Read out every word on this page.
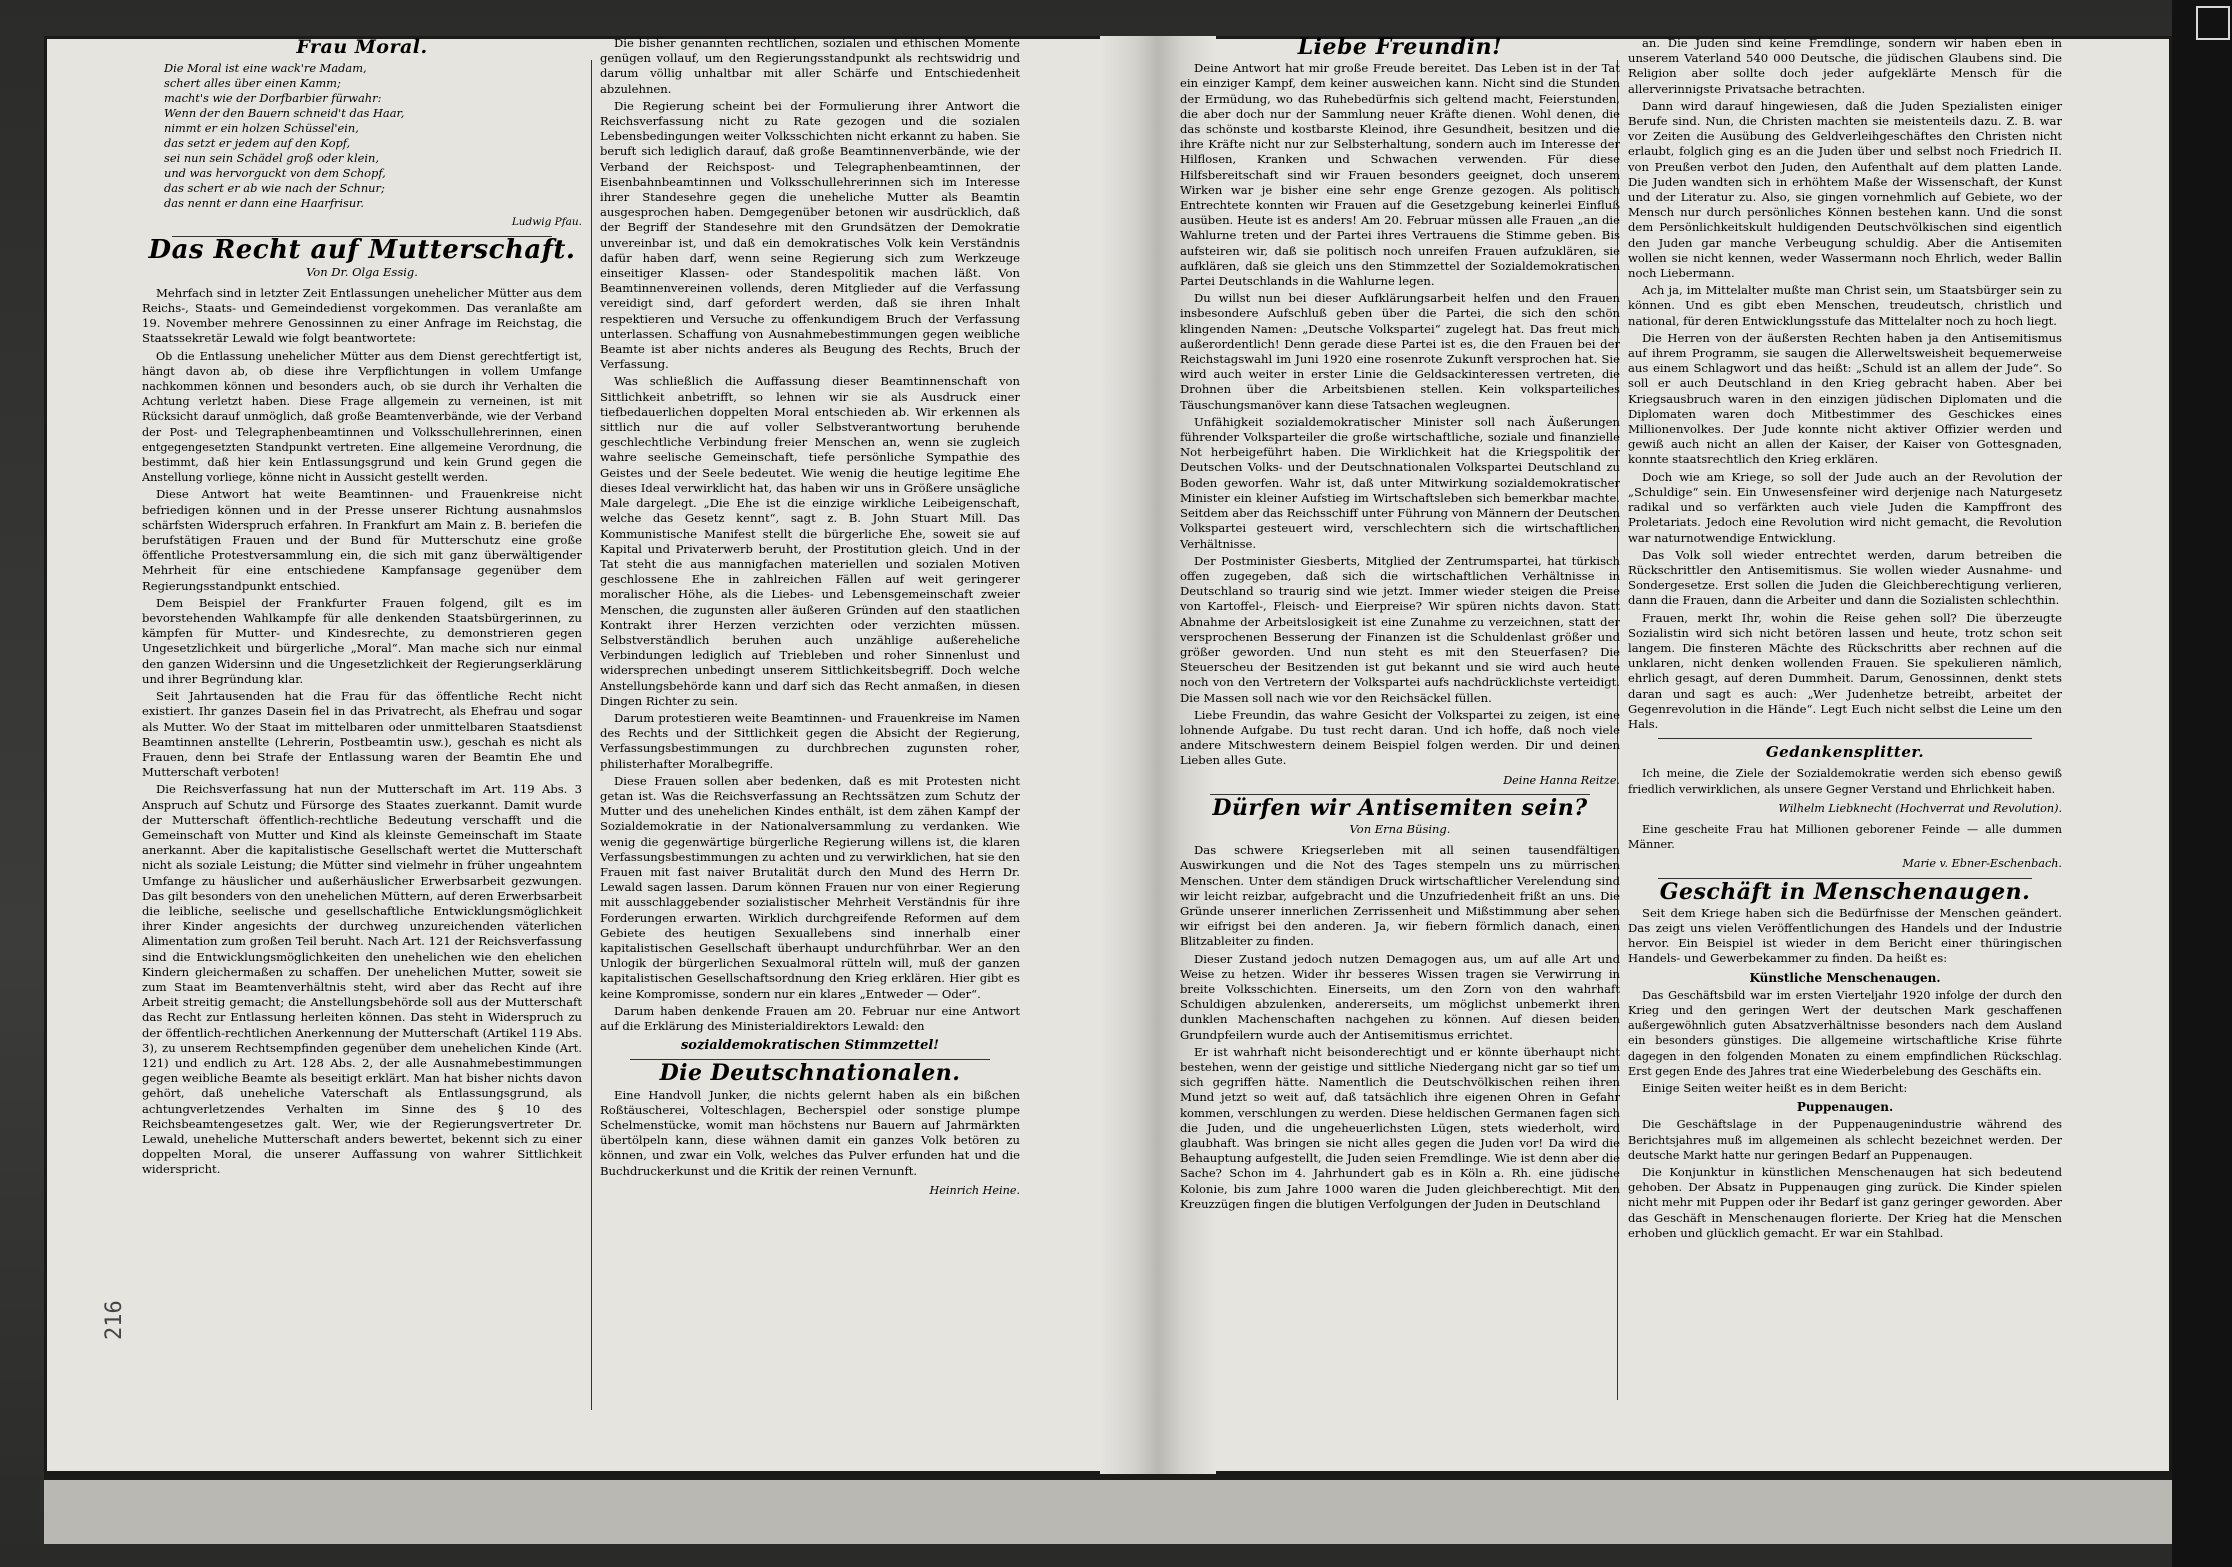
216
Frau Moral.
Die Moral ist eine wack're Madam,
schert alles über einen Kamm;
macht's wie der Dorfbarbier fürwahr:
Wenn der den Bauern schneid't das Haar,
nimmt er ein holzen Schüssel'ein,
das setzt er jedem auf den Kopf,
sei nun sein Schädel groß oder klein,
und was hervorguckt von dem Schopf,
das schert er ab wie nach der Schnur;
das nennt er dann eine Haarfrisur.
Ludwig Pfau.
Das Recht auf Mutterschaft.
Von Dr. Olga Essig.

Mehrfach sind in letzter Zeit Entlassungen unehelicher Mütter aus dem Reichs-, Staats- und Gemeindedienst vorgekommen. Das veranlaßte am 19. November mehrere Genossinnen zu einer Anfrage im Reichstag, die Staatssekretär Lewald wie folgt beantwortete:

Ob die Entlassung unehelicher Mütter aus dem Dienst gerechtfertigt ist, hängt davon ab, ob diese ihre Verpflichtungen in vollem Umfange nachkommen können und besonders auch, ob sie durch ihr Verhalten die Achtung verletzt haben. Diese Frage allgemein zu verneinen, ist mit Rücksicht darauf unmöglich, daß große Beamtenverbände, wie der Verband der Post- und Telegraphenbeamtinnen und Volksschullehrerinnen, einen entgegengesetzten Standpunkt vertreten. Eine allgemeine Verordnung, die bestimmt, daß hier kein Entlassungsgrund und kein Grund gegen die Anstellung vorliege, könne nicht in Aussicht gestellt werden.

Diese Antwort hat weite Beamtinnen- und Frauenkreise nicht befriedigen können und in der Presse unserer Richtung ausnahmslos schärfsten Widerspruch erfahren. In Frankfurt am Main z. B. beriefen die berufstätigen Frauen und der Bund für Mutterschutz eine große öffentliche Protestversammlung ein, die sich mit ganz überwältigender Mehrheit für eine entschiedene Kampfansage gegenüber dem Regierungsstandpunkt entschied.

Dem Beispiel der Frankfurter Frauen folgend, gilt es im bevorstehenden Wahlkampfe für alle denkenden Staatsbürgerinnen, zu kämpfen für Mutter- und Kindesrechte, zu demonstrieren gegen Ungesetzlichkeit und bürgerliche „Moral“. Man mache sich nur einmal den ganzen Widersinn und die Ungesetzlichkeit der Regierungserklärung und ihrer Begründung klar.

Seit Jahrtausenden hat die Frau für das öffentliche Recht nicht existiert. Ihr ganzes Dasein fiel in das Privatrecht, als Ehefrau und sogar als Mutter. Wo der Staat im mittelbaren oder unmittelbaren Staatsdienst Beamtinnen anstellte (Lehrerin, Postbeamtin usw.), geschah es nicht als Frauen, denn bei Strafe der Entlassung waren der Beamtin Ehe und Mutterschaft verboten!

Die Reichsverfassung hat nun der Mutterschaft im Art. 119 Abs. 3 Anspruch auf Schutz und Fürsorge des Staates zuerkannt. Damit wurde der Mutterschaft öffentlich-rechtliche Bedeutung verschafft und die Gemeinschaft von Mutter und Kind als kleinste Gemeinschaft im Staate anerkannt. Aber die kapitalistische Gesellschaft wertet die Mutterschaft nicht als soziale Leistung; die Mütter sind vielmehr in früher ungeahntem Umfange zu häuslicher und außerhäuslicher Erwerbsarbeit gezwungen. Das gilt besonders von den unehelichen Müttern, auf deren Erwerbsarbeit die leibliche, seelische und gesellschaftliche Entwicklungsmöglichkeit ihrer Kinder angesichts der durchweg unzureichenden väterlichen Alimentation zum großen Teil beruht. Nach Art. 121 der Reichsverfassung sind die Entwicklungsmöglichkeiten den unehelichen wie den ehelichen Kindern gleichermaßen zu schaffen. Der unehelichen Mutter, soweit sie zum Staat im Beamtenverhältnis steht, wird aber das Recht auf ihre Arbeit streitig gemacht; die Anstellungsbehörde soll aus der Mutterschaft das Recht zur Entlassung herleiten können. Das steht in Widerspruch zu der öffentlich-rechtlichen Anerkennung der Mutterschaft (Artikel 119 Abs. 3), zu unserem Rechtsempfinden gegenüber dem unehelichen Kinde (Art. 121) und endlich zu Art. 128 Abs. 2, der alle Ausnahmebestimmungen gegen weibliche Beamte als beseitigt erklärt. Man hat bisher nichts davon gehört, daß uneheliche Vaterschaft als Entlassungsgrund, als achtungverletzendes Verhalten im Sinne des § 10 des Reichsbeamtengesetzes galt. Wer, wie der Regierungsvertreter Dr. Lewald, uneheliche Mutterschaft anders bewertet, bekennt sich zu einer doppelten Moral, die unserer Auffassung von wahrer Sittlichkeit widerspricht.

Die bisher genannten rechtlichen, sozialen und ethischen Momente genügen vollauf, um den Regierungsstandpunkt als rechtswidrig und darum völlig unhaltbar mit aller Schärfe und Entschiedenheit abzulehnen.

Die Regierung scheint bei der Formulierung ihrer Antwort die Reichsverfassung nicht zu Rate gezogen und die sozialen Lebensbedingungen weiter Volksschichten nicht erkannt zu haben. Sie beruft sich lediglich darauf, daß große Beamtinnenverbände, wie der Verband der Reichspost- und Telegraphenbeamtinnen, der Eisenbahnbeamtinnen und Volksschullehrerinnen sich im Interesse ihrer Standesehre gegen die uneheliche Mutter als Beamtin ausgesprochen haben. Demgegenüber betonen wir ausdrücklich, daß der Begriff der Standesehre mit den Grundsätzen der Demokratie unvereinbar ist, und daß ein demokratisches Volk kein Verständnis dafür haben darf, wenn seine Regierung sich zum Werkzeuge einseitiger Klassen- oder Standespolitik machen läßt. Von Beamtinnenvereinen vollends, deren Mitglieder auf die Verfassung vereidigt sind, darf gefordert werden, daß sie ihren Inhalt respektieren und Versuche zu offenkundigem Bruch der Verfassung unterlassen. Schaffung von Ausnahmebestimmungen gegen weibliche Beamte ist aber nichts anderes als Beugung des Rechts, Bruch der Verfassung.

Was schließlich die Auffassung dieser Beamtinnenschaft von Sittlichkeit anbetrifft, so lehnen wir sie als Ausdruck einer tiefbedauerlichen doppelten Moral entschieden ab. Wir erkennen als sittlich nur die auf voller Selbstverantwortung beruhende geschlechtliche Verbindung freier Menschen an, wenn sie zugleich wahre seelische Gemeinschaft, tiefe persönliche Sympathie des Geistes und der Seele bedeutet. Wie wenig die heutige legitime Ehe dieses Ideal verwirklicht hat, das haben wir uns in Größere unsägliche Male dargelegt. „Die Ehe ist die einzige wirkliche Leibeigenschaft, welche das Gesetz kennt“, sagt z. B. John Stuart Mill. Das Kommunistische Manifest stellt die bürgerliche Ehe, soweit sie auf Kapital und Privaterwerb beruht, der Prostitution gleich. Und in der Tat steht die aus mannigfachen materiellen und sozialen Motiven geschlossene Ehe in zahlreichen Fällen auf weit geringerer moralischer Höhe, als die Liebes- und Lebensgemeinschaft zweier Menschen, die zugunsten aller äußeren Gründen auf den staatlichen Kontrakt ihrer Herzen verzichten oder verzichten müssen. Selbstverständlich beruhen auch unzählige außereheliche Verbindungen lediglich auf Triebleben und roher Sinnenlust und widersprechen unbedingt unserem Sittlichkeitsbegriff. Doch welche Anstellungsbehörde kann und darf sich das Recht anmaßen, in diesen Dingen Richter zu sein.

Darum protestieren weite Beamtinnen- und Frauenkreise im Namen des Rechts und der Sittlichkeit gegen die Absicht der Regierung, Verfassungsbestimmungen zu durchbrechen zugunsten roher, philisterhafter Moralbegriffe.

Diese Frauen sollen aber bedenken, daß es mit Protesten nicht getan ist. Was die Reichsverfassung an Rechtssätzen zum Schutz der Mutter und des unehelichen Kindes enthält, ist dem zähen Kampf der Sozialdemokratie in der Nationalversammlung zu verdanken. Wie wenig die gegenwärtige bürgerliche Regierung willens ist, die klaren Verfassungsbestimmungen zu achten und zu verwirklichen, hat sie den Frauen mit fast naiver Brutalität durch den Mund des Herrn Dr. Lewald sagen lassen. Darum können Frauen nur von einer Regierung mit ausschlaggebender sozialistischer Mehrheit Verständnis für ihre Forderungen erwarten. Wirklich durchgreifende Reformen auf dem Gebiete des heutigen Sexuallebens sind innerhalb einer kapitalistischen Gesellschaft überhaupt undurchführbar. Wer an den Unlogik der bürgerlichen Sexualmoral rütteln will, muß der ganzen kapitalistischen Gesellschaftsordnung den Krieg erklären. Hier gibt es keine Kompromisse, sondern nur ein klares „Entweder — Oder“.

Darum haben denkende Frauen am 20. Februar nur eine Antwort auf die Erklärung des Ministerialdirektors Lewald: den

sozialdemokratischen Stimmzettel!
Die Deutschnationalen.

Eine Handvoll Junker, die nichts gelernt haben als ein bißchen Roßtäuscherei, Volteschlagen, Becherspiel oder sonstige plumpe Schelmenstücke, womit man höchstens nur Bauern auf Jahrmärkten übertölpeln kann, diese wähnen damit ein ganzes Volk betören zu können, und zwar ein Volk, welches das Pulver erfunden hat und die Buchdruckerkunst und die Kritik der reinen Vernunft.

Heinrich Heine.
Liebe Freundin!

Deine Antwort hat mir große Freude bereitet. Das Leben ist in der Tat ein einziger Kampf, dem keiner ausweichen kann. Nicht sind die Stunden der Ermüdung, wo das Ruhebedürfnis sich geltend macht, Feierstunden, die aber doch nur der Sammlung neuer Kräfte dienen. Wohl denen, die das schönste und kostbarste Kleinod, ihre Gesundheit, besitzen und die ihre Kräfte nicht nur zur Selbsterhaltung, sondern auch im Interesse der Hilflosen, Kranken und Schwachen verwenden. Für diese Hilfsbereitschaft sind wir Frauen besonders geeignet, doch unserem Wirken war je bisher eine sehr enge Grenze gezogen. Als politisch Entrechtete konnten wir Frauen auf die Gesetzgebung keinerlei Einfluß ausüben. Heute ist es anders! Am 20. Februar müssen alle Frauen „an die Wahlurne treten und der Partei ihres Vertrauens die Stimme geben. Bis aufsteiren wir, daß sie politisch noch unreifen Frauen aufzuklären, sie aufklären, daß sie gleich uns den Stimmzettel der Sozialdemokratischen Partei Deutschlands in die Wahlurne legen.

Du willst nun bei dieser Aufklärungsarbeit helfen und den Frauen insbesondere Aufschluß geben über die Partei, die sich den schön klingenden Namen: „Deutsche Volkspartei“ zugelegt hat. Das freut mich außerordentlich! Denn gerade diese Partei ist es, die den Frauen bei der Reichstagswahl im Juni 1920 eine rosenrote Zukunft versprochen hat. Sie wird auch weiter in erster Linie die Geldsackinteressen vertreten, die Drohnen über die Arbeitsbienen stellen. Kein volksparteiliches Täuschungsmanöver kann diese Tatsachen wegleugnen.

Unfähigkeit sozialdemokratischer Minister soll nach Äußerungen führender Volksparteiler die große wirtschaftliche, soziale und finanzielle Not herbeigeführt haben. Die Wirklichkeit hat die Kriegspolitik der Deutschen Volks- und der Deutschnationalen Volkspartei Deutschland zu Boden geworfen. Wahr ist, daß unter Mitwirkung sozialdemokratischer Minister ein kleiner Aufstieg im Wirtschaftsleben sich bemerkbar machte. Seitdem aber das Reichsschiff unter Führung von Männern der Deutschen Volkspartei gesteuert wird, verschlechtern sich die wirtschaftlichen Verhältnisse.

Der Postminister Giesberts, Mitglied der Zentrumspartei, hat türkisch offen zugegeben, daß sich die wirtschaftlichen Verhältnisse in Deutschland so traurig sind wie jetzt. Immer wieder steigen die Preise von Kartoffel-, Fleisch- und Eierpreise? Wir spüren nichts davon. Statt Abnahme der Arbeitslosigkeit ist eine Zunahme zu verzeichnen, statt der versprochenen Besserung der Finanzen ist die Schuldenlast größer und größer geworden. Und nun steht es mit den Steuerfasen? Die Steuerscheu der Besitzenden ist gut bekannt und sie wird auch heute noch von den Vertretern der Volkspartei aufs nachdrücklichste verteidigt. Die Massen soll nach wie vor den Reichsäckel füllen.

Liebe Freundin, das wahre Gesicht der Volkspartei zu zeigen, ist eine lohnende Aufgabe. Du tust recht daran. Und ich hoffe, daß noch viele andere Mitschwestern deinem Beispiel folgen werden. Dir und deinen Lieben alles Gute.

Deine Hanna Reitze.
Dürfen wir Antisemiten sein?
Von Erna Büsing.

Das schwere Kriegserleben mit all seinen tausendfältigen Auswirkungen und die Not des Tages stempeln uns zu mürrischen Menschen. Unter dem ständigen Druck wirtschaftlicher Verelendung sind wir leicht reizbar, aufgebracht und die Unzufriedenheit frißt an uns. Die Gründe unserer innerlichen Zerrissenheit und Mißstimmung aber sehen wir eifrigst bei den anderen. Ja, wir fiebern förmlich danach, einen Blitzableiter zu finden.

Dieser Zustand jedoch nutzen Demagogen aus, um auf alle Art und Weise zu hetzen. Wider ihr besseres Wissen tragen sie Verwirrung in breite Volksschichten. Einerseits, um den Zorn von den wahrhaft Schuldigen abzulenken, andererseits, um möglichst unbemerkt ihren dunklen Machenschaften nachgehen zu können. Auf diesen beiden Grundpfeilern wurde auch der Antisemitismus errichtet.

Er ist wahrhaft nicht beisonderechtigt und er könnte überhaupt nicht bestehen, wenn der geistige und sittliche Niedergang nicht gar so tief um sich gegriffen hätte. Namentlich die Deutschvölkischen reihen ihren Mund jetzt so weit auf, daß tatsächlich ihre eigenen Ohren in Gefahr kommen, verschlungen zu werden. Diese heldischen Germanen fagen sich die Juden, und die ungeheuerlichsten Lügen, stets wiederholt, wird glaubhaft. Was bringen sie nicht alles gegen die Juden vor! Da wird die Behauptung aufgestellt, die Juden seien Fremdlinge. Wie ist denn aber die Sache? Schon im 4. Jahrhundert gab es in Köln a. Rh. eine jüdische Kolonie, bis zum Jahre 1000 waren die Juden gleichberechtigt. Mit den Kreuzzügen fingen die blutigen Verfolgungen der Juden in Deutschland

an. Die Juden sind keine Fremdlinge, sondern wir haben eben in unserem Vaterland 540 000 Deutsche, die jüdischen Glaubens sind. Die Religion aber sollte doch jeder aufgeklärte Mensch für die allerverinnigste Privatsache betrachten.

Dann wird darauf hingewiesen, daß die Juden Spezialisten einiger Berufe sind. Nun, die Christen machten sie meistenteils dazu. Z. B. war vor Zeiten die Ausübung des Geldverleihgeschäftes den Christen nicht erlaubt, folglich ging es an die Juden über und selbst noch Friedrich II. von Preußen verbot den Juden, den Aufenthalt auf dem platten Lande. Die Juden wandten sich in erhöhtem Maße der Wissenschaft, der Kunst und der Literatur zu. Also, sie gingen vornehmlich auf Gebiete, wo der Mensch nur durch persönliches Können bestehen kann. Und die sonst dem Persönlichkeitskult huldigenden Deutschvölkischen sind eigentlich den Juden gar manche Verbeugung schuldig. Aber die Antisemiten wollen sie nicht kennen, weder Wassermann noch Ehrlich, weder Ballin noch Liebermann.

Ach ja, im Mittelalter mußte man Christ sein, um Staatsbürger sein zu können. Und es gibt eben Menschen, treudeutsch, christlich und national, für deren Entwicklungsstufe das Mittelalter noch zu hoch liegt.

Die Herren von der äußersten Rechten haben ja den Antisemitismus auf ihrem Programm, sie saugen die Allerweltsweisheit bequemerweise aus einem Schlagwort und das heißt: „Schuld ist an allem der Jude“. So soll er auch Deutschland in den Krieg gebracht haben. Aber bei Kriegsausbruch waren in den einzigen jüdischen Diplomaten und die Diplomaten waren doch Mitbestimmer des Geschickes eines Millionenvolkes. Der Jude konnte nicht aktiver Offizier werden und gewiß auch nicht an allen der Kaiser, der Kaiser von Gottesgnaden, konnte staatsrechtlich den Krieg erklären.

Doch wie am Kriege, so soll der Jude auch an der Revolution der „Schuldige“ sein. Ein Unwesensfeiner wird derjenige nach Naturgesetz radikal und so verfärkten auch viele Juden die Kampffront des Proletariats. Jedoch eine Revolution wird nicht gemacht, die Revolution war naturnotwendige Entwicklung.

Das Volk soll wieder entrechtet werden, darum betreiben die Rückschrittler den Antisemitismus. Sie wollen wieder Ausnahme- und Sondergesetze. Erst sollen die Juden die Gleichberechtigung verlieren, dann die Frauen, dann die Arbeiter und dann die Sozialisten schlechthin.

Frauen, merkt Ihr, wohin die Reise gehen soll? Die überzeugte Sozialistin wird sich nicht betören lassen und heute, trotz schon seit langem. Die finsteren Mächte des Rückschritts aber rechnen auf die unklaren, nicht denken wollenden Frauen. Sie spekulieren nämlich, ehrlich gesagt, auf deren Dummheit. Darum, Genossinnen, denkt stets daran und sagt es auch: „Wer Judenhetze betreibt, arbeitet der Gegenrevolution in die Hände“. Legt Euch nicht selbst die Leine um den Hals.

Gedankensplitter.

Ich meine, die Ziele der Sozialdemokratie werden sich ebenso gewiß friedlich verwirklichen, als unsere Gegner Verstand und Ehrlichkeit haben.

Wilhelm Liebknecht (Hochverrat und Revolution).

Eine gescheite Frau hat Millionen geborener Feinde — alle dummen Männer.

Marie v. Ebner-Eschenbach.
Geschäft in Menschenaugen.

Seit dem Kriege haben sich die Bedürfnisse der Menschen geändert. Das zeigt uns vielen Veröffentlichungen des Handels und der Industrie hervor. Ein Beispiel ist wieder in dem Bericht einer thüringischen Handels- und Gewerbekammer zu finden. Da heißt es:

Künstliche Menschenaugen.

Das Geschäftsbild war im ersten Vierteljahr 1920 infolge der durch den Krieg und den geringen Wert der deutschen Mark geschaffenen außergewöhnlich guten Absatzverhältnisse besonders nach dem Ausland ein besonders günstiges. Die allgemeine wirtschaftliche Krise führte dagegen in den folgenden Monaten zu einem empfindlichen Rückschlag. Erst gegen Ende des Jahres trat eine Wiederbelebung des Geschäfts ein.

Einige Seiten weiter heißt es in dem Bericht:

Puppenaugen.

Die Geschäftslage in der Puppenaugenindustrie während des Berichtsjahres muß im allgemeinen als schlecht bezeichnet werden. Der deutsche Markt hatte nur geringen Bedarf an Puppenaugen.

Die Konjunktur in künstlichen Menschenaugen hat sich bedeutend gehoben. Der Absatz in Puppenaugen ging zurück. Die Kinder spielen nicht mehr mit Puppen oder ihr Bedarf ist ganz geringer geworden. Aber das Geschäft in Menschenaugen florierte. Der Krieg hat die Menschen erhoben und glücklich gemacht. Er war ein Stahlbad.
